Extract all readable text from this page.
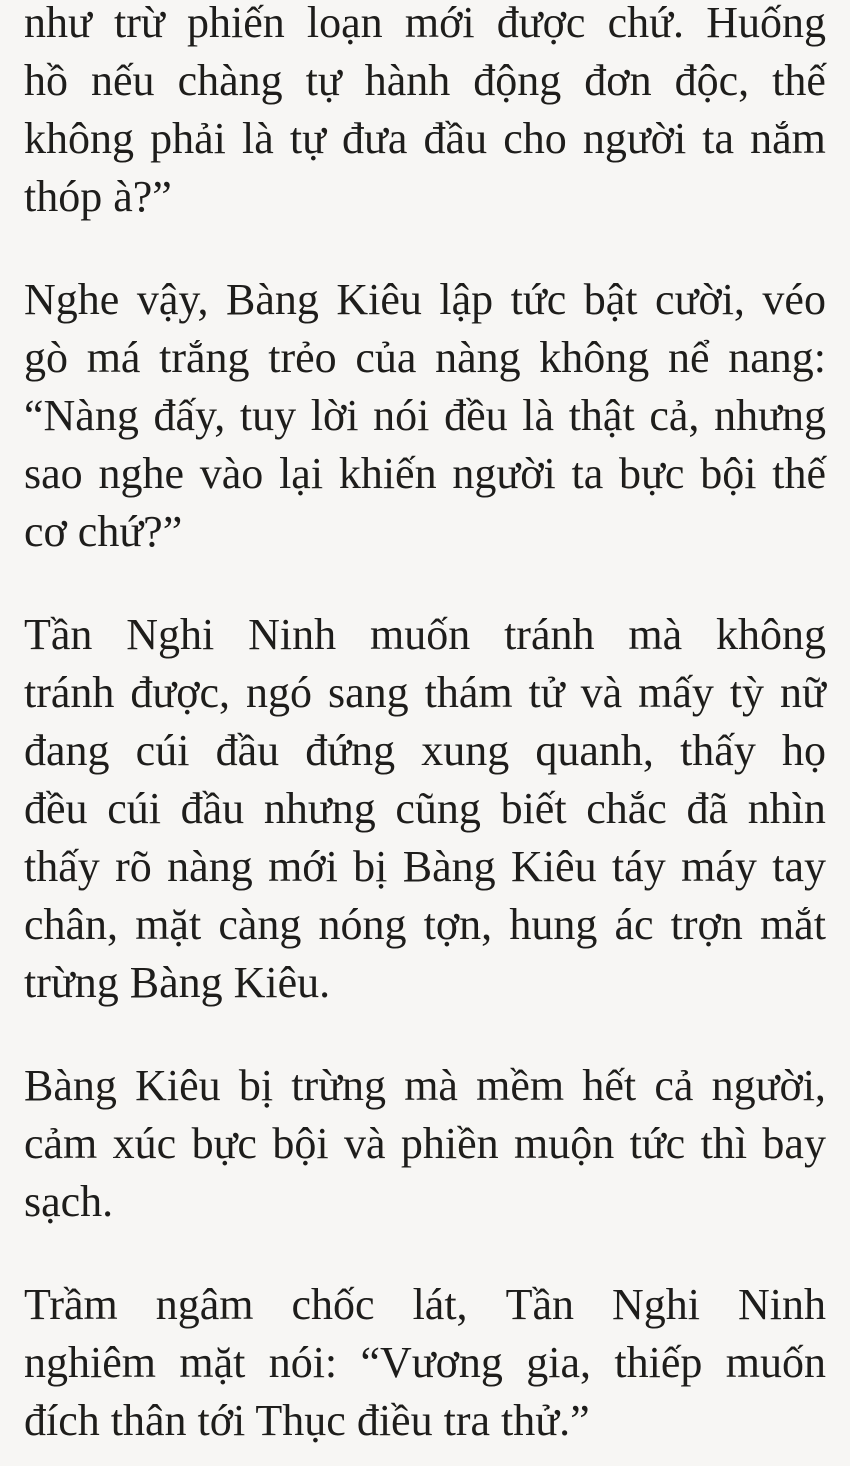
như trừ phiến loạn mới được chứ. Huống
hồ nếu chàng tự hành động đơn độc, thế
không phải là tự đưa đầu cho người ta nắm
thóp à?”

Nghe vậy, Bàng Kiêu lập tức bật cười, véo
gò má trắng trẻo của nàng không nể nang:
“Nàng đấy, tuy lời nói đều là thật cả, nhưng
sao nghe vào lại khiến người ta bực bội thế
cơ chứ?”

Tần Nghi Ninh muốn tránh mà không
tránh được, ngó sang thám tử và mấy tỳ nữ
đang cúi đầu đứng xung quanh, thấy họ
đều cúi đầu nhưng cũng biết chắc đã nhìn
thấy rõ nàng mới bị Bàng Kiêu táy máy tay
chân, mặt càng nóng tợn, hung ác trợn mắt
trừng Bàng Kiêu.

Bàng Kiêu bị trừng mà mềm hết cả người,
cảm xúc bực bội và phiền muộn tức thì bay
sạch.

Trầm ngâm chốc lát, Tần Nghi Ninh
nghiêm mặt nói: “Vương gia, thiếp muốn
đích thân tới Thục điều tra thử.”
